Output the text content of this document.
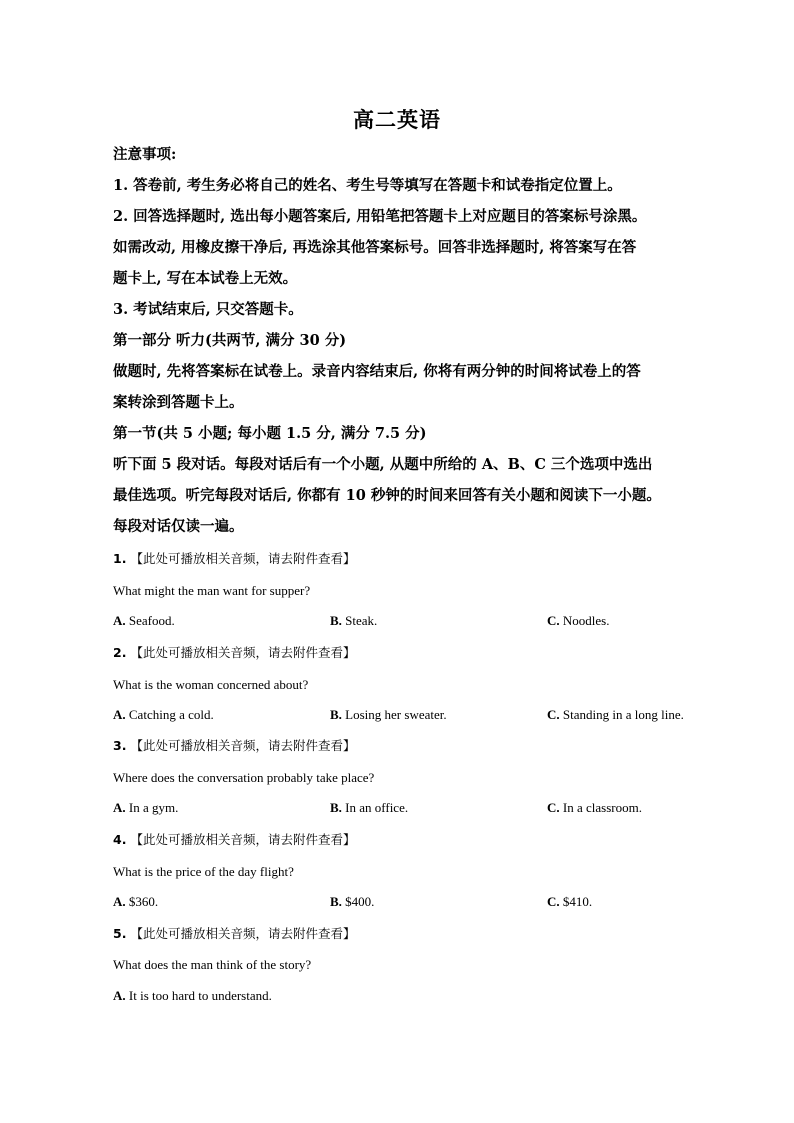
高二英语
注意事项:
1. 答卷前, 考生务必将自己的姓名、考生号等填写在答题卡和试卷指定位置上。
2. 回答选择题时, 选出每小题答案后, 用铅笔把答题卡上对应题目的答案标号涂黑。
如需改动, 用橡皮擦干净后, 再选涂其他答案标号。回答非选择题时, 将答案写在答
题卡上, 写在本试卷上无效。
3. 考试结束后, 只交答题卡。
第一部分 听力(共两节, 满分 30 分)
做题时, 先将答案标在试卷上。录音内容结束后, 你将有两分钟的时间将试卷上的答
案转涂到答题卡上。
第一节(共 5 小题; 每小题 1.5 分, 满分 7.5 分)
听下面 5 段对话。每段对话后有一个小题, 从题中所给的 A、B、C 三个选项中选出
最佳选项。听完每段对话后, 你都有 10 秒钟的时间来回答有关小题和阅读下一小题。
每段对话仅读一遍。
1. 【此处可播放相关音频，请去附件查看】
What might the man want for supper?
A. Seafood.	B. Steak.	C. Noodles.
2. 【此处可播放相关音频，请去附件查看】
What is the woman concerned about?
A. Catching a cold.	B. Losing her sweater.	C. Standing in a long line.
3. 【此处可播放相关音频，请去附件查看】
Where does the conversation probably take place?
A. In a gym.	B. In an office.	C. In a classroom.
4. 【此处可播放相关音频，请去附件查看】
What is the price of the day flight?
A. $360.	B. $400.	C. $410.
5. 【此处可播放相关音频，请去附件查看】
What does the man think of the story?
A. It is too hard to understand.
